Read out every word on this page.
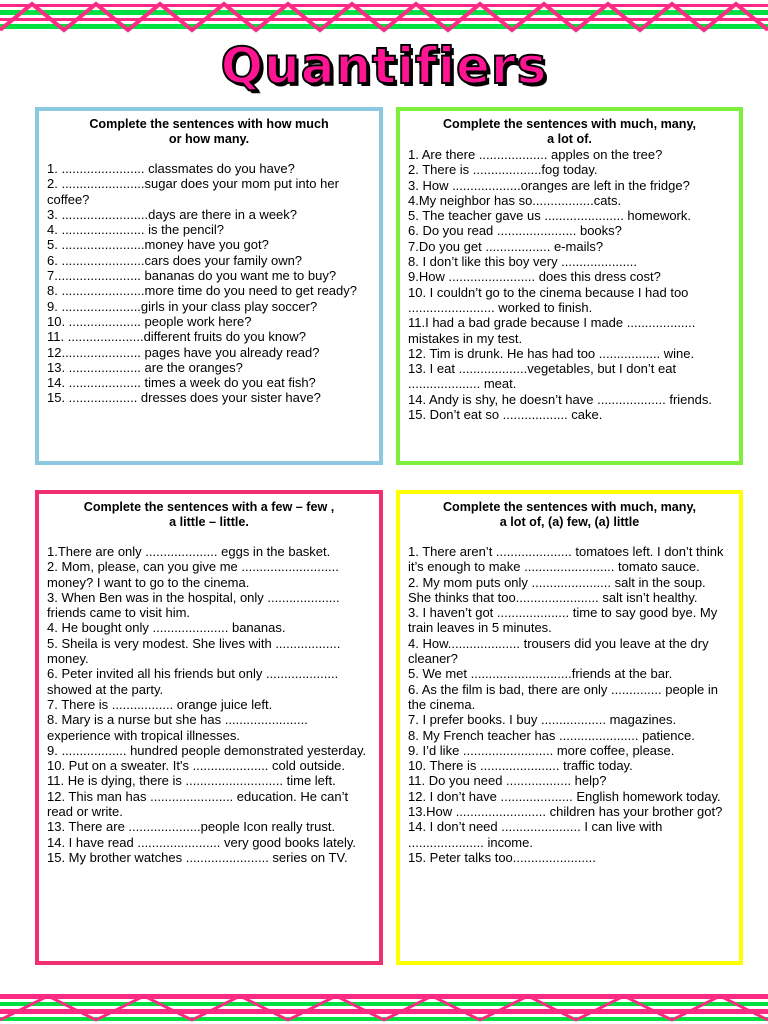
Quantifiers
Complete the sentences with how much
or how many.
1. ....................... classmates do you have?
2. .......................sugar does your mom put into her coffee?
3. ........................days are there in a week?
4. ....................... is the pencil?
5. .......................money have you got?
6. .......................cars does your family own?
7........................ bananas do you want me to buy?
8. .......................more time do you need to get ready?
9. ......................girls in your class play soccer?
10. .................... people work here?
11. .....................different fruits do you know?
12...................... pages have you already read?
13. .................... are the oranges?
14. .................... times a week do you eat fish?
15. ................... dresses does your sister have?
Complete the sentences with much, many,
a lot of.
1. Are there ................... apples on the tree?
2. There is ...................fog today.
3. How ...................oranges are left in the fridge?
4.My neighbor has so.................cats.
5. The teacher gave us ...................... homework.
6. Do you read ...................... books?
7.Do you get .................. e-mails?
8. I don’t like this boy very .....................
9.How ........................ does this dress cost?
10. I couldn’t go to the cinema because I had too ........................ worked to finish.
11.I had a bad grade because I made ................... mistakes in my test.
12. Tim is drunk. He has had too ................. wine.
13. I eat ...................vegetables, but I don’t eat .................... meat.
14. Andy is shy, he doesn’t have ................... friends.
15. Don’t eat so .................. cake.
Complete the sentences with a few – few ,
a little – little.
1.There are only .................... eggs in the basket.
2. Mom, please, can you give me ........................... money? I want to go to the cinema.
3. When Ben was in the hospital, only ....................
friends came to visit him.
4. He bought only ..................... bananas.
5. Sheila is very modest. She lives with .................. money.
6. Peter invited all his friends but only .................... showed at the party.
7. There is ................. orange juice left.
8. Mary is a nurse but she has ....................... experience with tropical illnesses.
9. .................. hundred people demonstrated yesterday.
10. Put on a sweater. It's ..................... cold outside.
11. He is dying, there is ........................... time left.
12. This man has ....................... education. He can’t read or write.
13. There are ....................people Icon really trust.
14. I have read ....................... very good books lately.
15. My brother watches ....................... series on TV.
Complete the sentences with much, many,
a lot of, (a) few, (a) little
1. There aren’t ..................... tomatoes left. I don’t think it’s enough to make ......................... tomato sauce.
2. My mom puts only ...................... salt in the soup. She thinks that too....................... salt isn’t healthy.
3. I haven’t got .................... time to say good bye. My train leaves in 5 minutes.
4. How.................... trousers did you leave at the dry cleaner?
5. We met ............................friends at the bar.
6. As the film is bad, there are only .............. people in the cinema.
7. I prefer books. I buy .................. magazines.
8. My French teacher has ...................... patience.
9. I’d like ......................... more coffee, please.
10. There is ...................... traffic today.
11. Do you need .................. help?
12. I don’t have .................... English homework today.
13.How ......................... children has your brother got?
14. I don’t need ...................... I can live with ..................... income.
15. Peter talks too.......................
